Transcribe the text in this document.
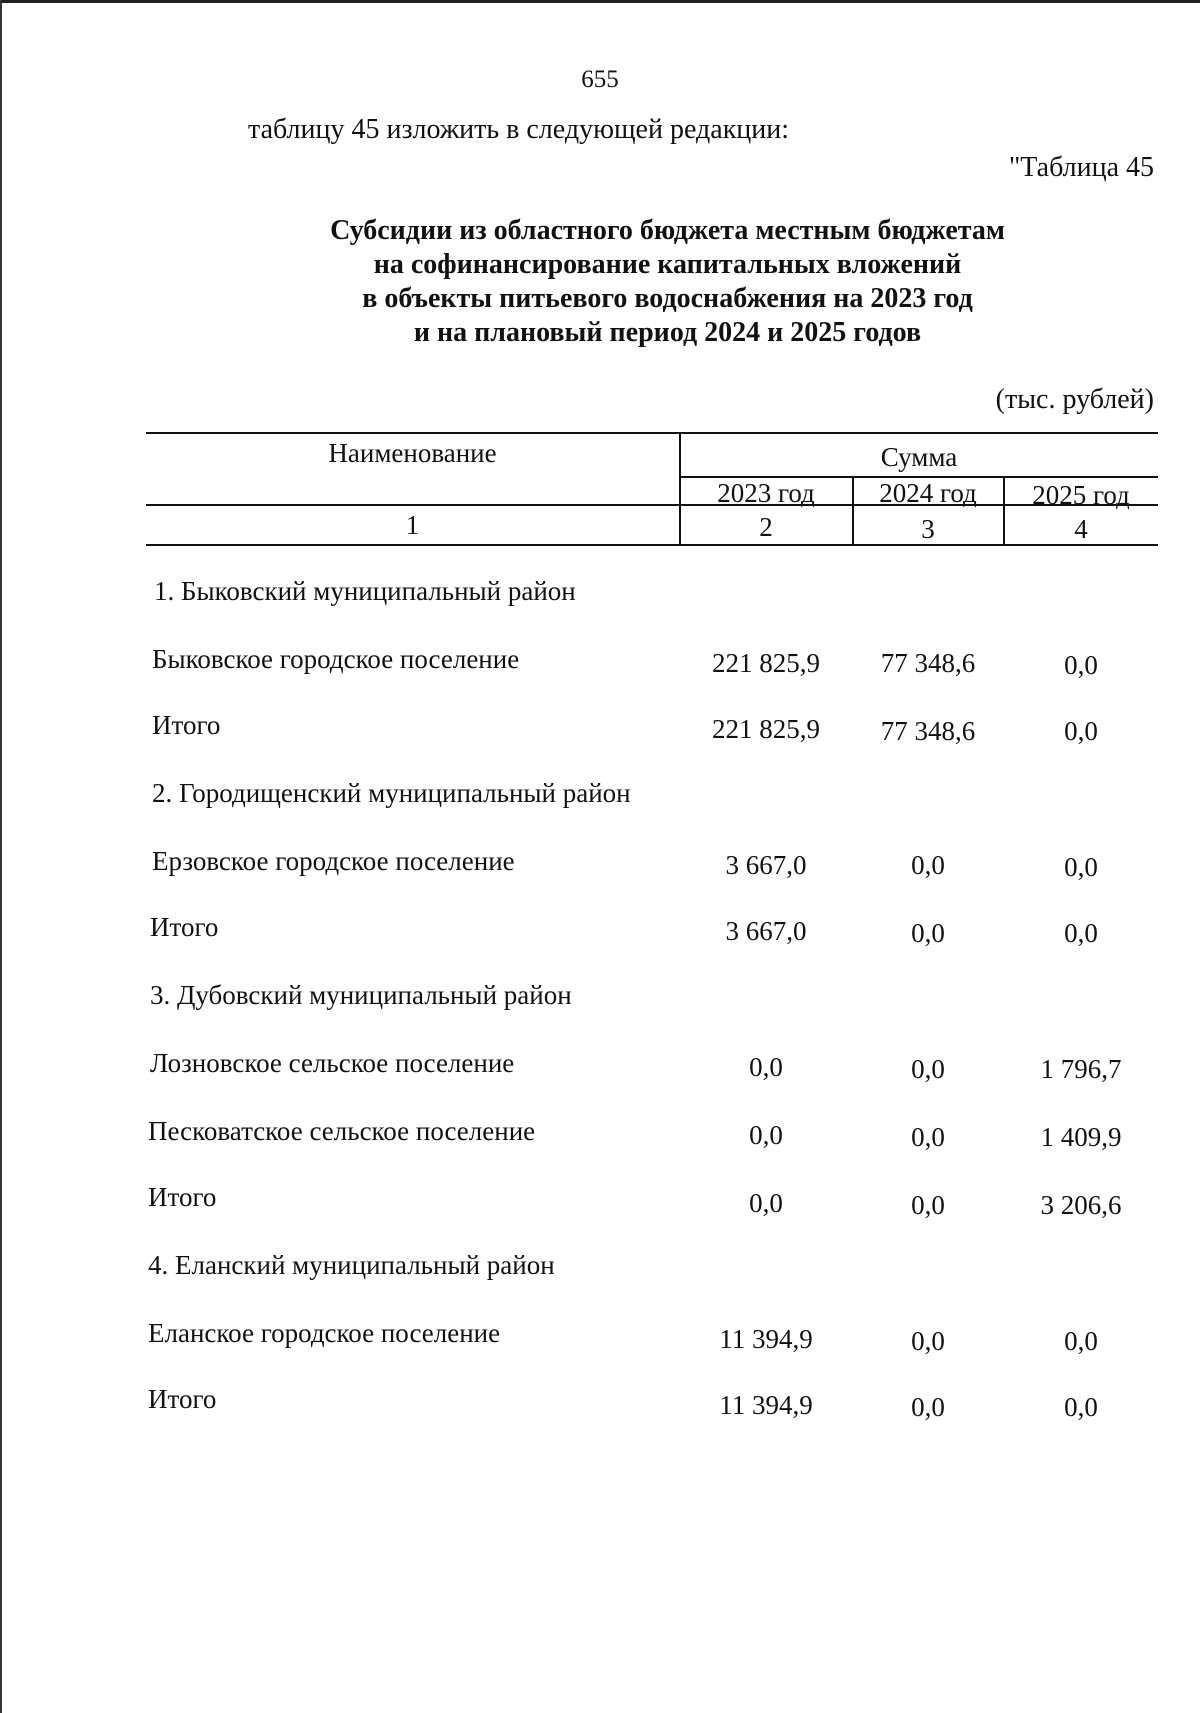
655
таблицу 45 изложить в следующей редакции:
"Таблица 45
Субсидии из областного бюджета местным бюджетам
на софинансирование капитальных вложений
в объекты питьевого водоснабжения на 2023 год
и на плановый период 2024 и 2025 годов
(тыс. рублей)
Наименование	Сумма
2023 год	2024 год	2025 год
1	2	3	4
1. Быковский муниципальный район
Быковское городское поселение	221 825,9	77 348,6	0,0
Итого	221 825,9	77 348,6	0,0
2. Городищенский муниципальный район
Ерзовское городское поселение	3 667,0	0,0	0,0
Итого	3 667,0	0,0	0,0
3. Дубовский муниципальный район
Лозновское сельское поселение	0,0	0,0	1 796,7
Песковатское сельское поселение	0,0	0,0	1 409,9
Итого	0,0	0,0	3 206,6
4. Еланский муниципальный район
Еланское городское поселение	11 394,9	0,0	0,0
Итого	11 394,9	0,0	0,0
